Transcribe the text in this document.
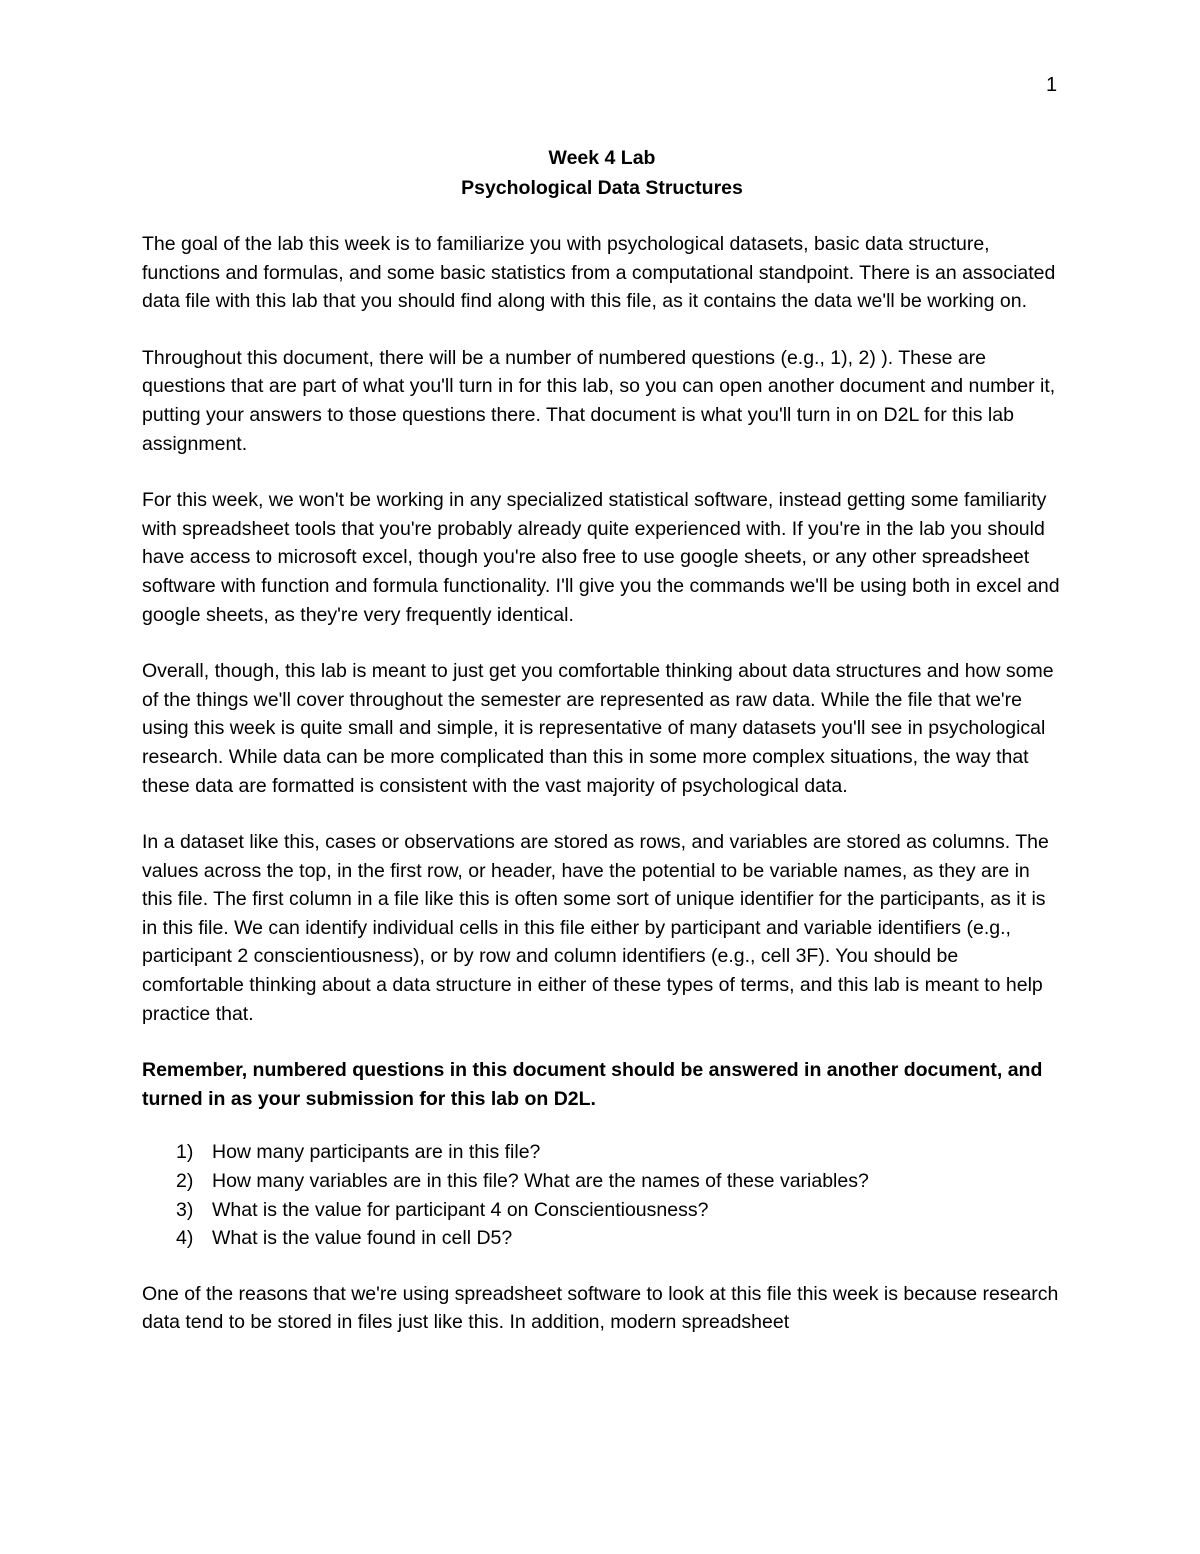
1
Week 4 Lab
Psychological Data Structures

The goal of the lab this week is to familiarize you with psychological datasets, basic data structure, functions and formulas, and some basic statistics from a computational standpoint. There is an associated data file with this lab that you should find along with this file, as it contains the data we'll be working on.

Throughout this document, there will be a number of numbered questions (e.g., 1), 2) ). These are questions that are part of what you'll turn in for this lab, so you can open another document and number it, putting your answers to those questions there. That document is what you'll turn in on D2L for this lab assignment.

For this week, we won't be working in any specialized statistical software, instead getting some familiarity with spreadsheet tools that you're probably already quite experienced with. If you're in the lab you should have access to microsoft excel, though you're also free to use google sheets, or any other spreadsheet software with function and formula functionality. I'll give you the commands we'll be using both in excel and google sheets, as they're very frequently identical.

Overall, though, this lab is meant to just get you comfortable thinking about data structures and how some of the things we'll cover throughout the semester are represented as raw data. While the file that we're using this week is quite small and simple, it is representative of many datasets you'll see in psychological research. While data can be more complicated than this in some more complex situations, the way that these data are formatted is consistent with the vast majority of psychological data.

In a dataset like this, cases or observations are stored as rows, and variables are stored as columns. The values across the top, in the first row, or header, have the potential to be variable names, as they are in this file. The first column in a file like this is often some sort of unique identifier for the participants, as it is in this file. We can identify individual cells in this file either by participant and variable identifiers (e.g., participant 2 conscientiousness), or by row and column identifiers (e.g., cell 3F). You should be comfortable thinking about a data structure in either of these types of terms, and this lab is meant to help practice that.

Remember, numbered questions in this document should be answered in another document, and turned in as your submission for this lab on D2L.

1) How many participants are in this file?
2) How many variables are in this file? What are the names of these variables?
3) What is the value for participant 4 on Conscientiousness?
4) What is the value found in cell D5?

One of the reasons that we're using spreadsheet software to look at this file this week is because research data tend to be stored in files just like this. In addition, modern spreadsheet
